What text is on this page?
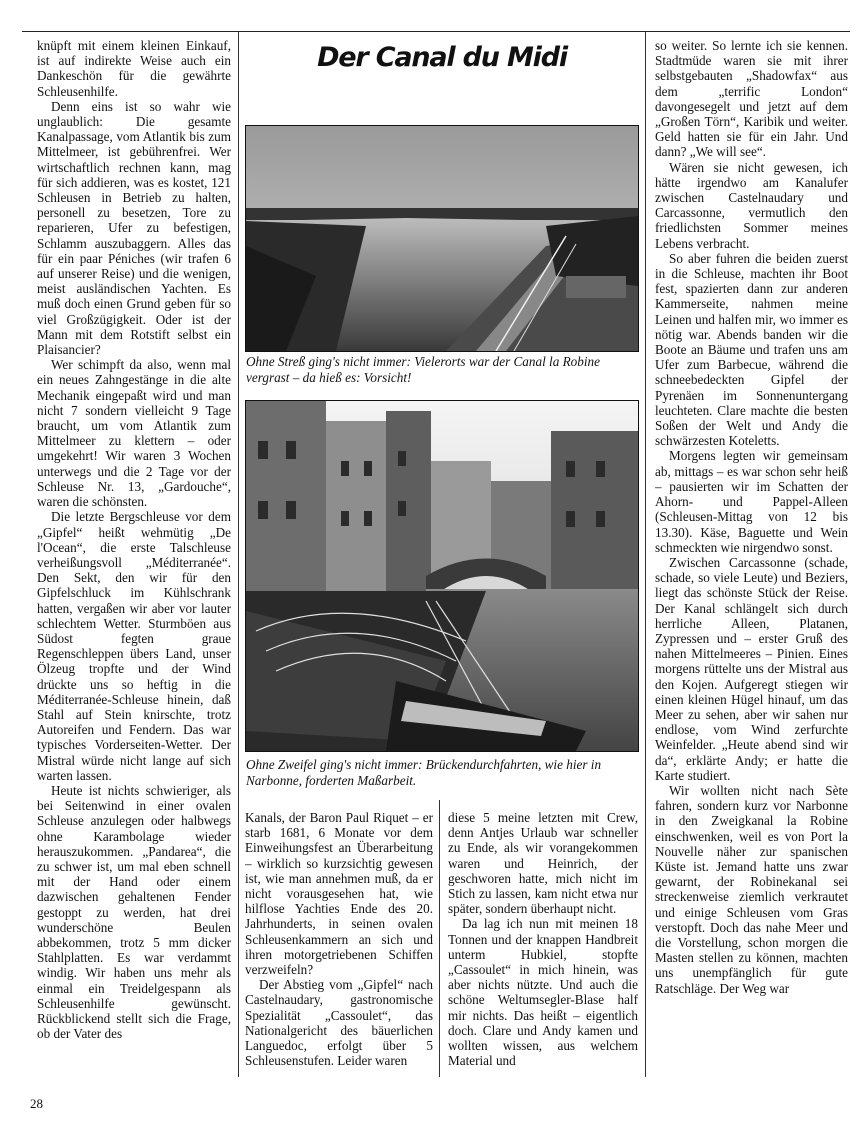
knüpft mit einem kleinen Einkauf, ist auf indirekte Weise auch ein Dankeschön für die gewährte Schleusenhilfe.

Denn eins ist so wahr wie unglaublich: Die gesamte Kanalpassage, vom Atlantik bis zum Mittelmeer, ist gebührenfrei. Wer wirtschaftlich rechnen kann, mag für sich addieren, was es kostet, 121 Schleusen in Betrieb zu halten, personell zu besetzen, Tore zu reparieren, Ufer zu befestigen, Schlamm auszubaggern. Alles das für ein paar Péniches (wir trafen 6 auf unserer Reise) und die wenigen, meist ausländischen Yachten. Es muß doch einen Grund geben für so viel Großzügigkeit. Oder ist der Mann mit dem Rotstift selbst ein Plaisancier?

Wer schimpft da also, wenn mal ein neues Zahngestänge in die alte Mechanik eingepaßt wird und man nicht 7 sondern vielleicht 9 Tage braucht, um vom Atlantik zum Mittelmeer zu klettern – oder umgekehrt! Wir waren 3 Wochen unterwegs und die 2 Tage vor der Schleuse Nr. 13, „Gardouche“, waren die schönsten.

Die letzte Bergschleuse vor dem „Gipfel“ heißt wehmütig „De l'Ocean“, die erste Talschleuse verheißungsvoll „Méditerranée“. Den Sekt, den wir für den Gipfelschluck im Kühlschrank hatten, vergaßen wir aber vor lauter schlechtem Wetter. Sturmböen aus Südost fegten graue Regenschleppen übers Land, unser Ölzeug tropfte und der Wind drückte uns so heftig in die Méditerranée-Schleuse hinein, daß Stahl auf Stein knirschte, trotz Autoreifen und Fendern. Das war typisches Vorderseiten-Wetter. Der Mistral würde nicht lange auf sich warten lassen.

Heute ist nichts schwieriger, als bei Seitenwind in einer ovalen Schleuse anzulegen oder halbwegs ohne Karambolage wieder herauszukommen. „Pandarea“, die zu schwer ist, um mal eben schnell mit der Hand oder einem dazwischen gehaltenen Fender gestoppt zu werden, hat drei wunderschöne Beulen abbekommen, trotz 5 mm dicker Stahlplatten. Es war verdammt windig. Wir haben uns mehr als einmal ein Treidelgespann als Schleusenhilfe gewünscht. Rückblickend stellt sich die Frage, ob der Vater des

Der Canal du Midi
Ohne Streß ging's nicht immer: Vielerorts war der Canal la Robine vergrast – da hieß es: Vorsicht!
Ohne Zweifel ging's nicht immer: Brückendurchfahrten, wie hier in Narbonne, forderten Maßarbeit.

Kanals, der Baron Paul Riquet – er starb 1681, 6 Monate vor dem Einweihungsfest an Überarbeitung – wirklich so kurzsichtig gewesen ist, wie man annehmen muß, da er nicht vorausgesehen hat, wie hilflose Yachties Ende des 20. Jahrhunderts, in seinen ovalen Schleusenkammern an sich und ihren motorgetriebenen Schiffen verzweifeln?

Der Abstieg vom „Gipfel“ nach Castelnaudary, gastronomische Spezialität „Cassoulet“, das Nationalgericht des bäuerlichen Languedoc, erfolgt über 5 Schleusenstufen. Leider waren

diese 5 meine letzten mit Crew, denn Antjes Urlaub war schneller zu Ende, als wir vorangekommen waren und Heinrich, der geschworen hatte, mich nicht im Stich zu lassen, kam nicht etwa nur später, sondern überhaupt nicht.

Da lag ich nun mit meinen 18 Tonnen und der knappen Handbreit unterm Hubkiel, stopfte „Cassoulet“ in mich hinein, was aber nichts nützte. Und auch die schöne Weltumsegler-Blase half mir nichts. Das heißt – eigentlich doch. Clare und Andy kamen und wollten wissen, aus welchem Material und

so weiter. So lernte ich sie kennen. Stadtmüde waren sie mit ihrer selbstgebauten „Shadowfax“ aus dem „terrific London“ davongesegelt und jetzt auf dem „Großen Törn“, Karibik und weiter. Geld hatten sie für ein Jahr. Und dann? „We will see“.

Wären sie nicht gewesen, ich hätte irgendwo am Kanalufer zwischen Castelnaudary und Carcassonne, vermutlich den friedlichsten Sommer meines Lebens verbracht.

So aber fuhren die beiden zuerst in die Schleuse, machten ihr Boot fest, spazierten dann zur anderen Kammerseite, nahmen meine Leinen und halfen mir, wo immer es nötig war. Abends banden wir die Boote an Bäume und trafen uns am Ufer zum Barbecue, während die schneebedeckten Gipfel der Pyrenäen im Sonnenuntergang leuchteten. Clare machte die besten Soßen der Welt und Andy die schwärzesten Koteletts.

Morgens legten wir gemeinsam ab, mittags – es war schon sehr heiß – pausierten wir im Schatten der Ahorn- und Pappel-Alleen (Schleusen-Mittag von 12 bis 13.30). Käse, Baguette und Wein schmeckten wie nirgendwo sonst.

Zwischen Carcassonne (schade, schade, so viele Leute) und Beziers, liegt das schönste Stück der Reise. Der Kanal schlängelt sich durch herrliche Alleen, Platanen, Zypressen und – erster Gruß des nahen Mittelmeeres – Pinien. Eines morgens rüttelte uns der Mistral aus den Kojen. Aufgeregt stiegen wir einen kleinen Hügel hinauf, um das Meer zu sehen, aber wir sahen nur endlose, vom Wind zerfurchte Weinfelder. „Heute abend sind wir da“, erklärte Andy; er hatte die Karte studiert.

Wir wollten nicht nach Sète fahren, sondern kurz vor Narbonne in den Zweigkanal la Robine einschwenken, weil es von Port la Nouvelle näher zur spanischen Küste ist. Jemand hatte uns zwar gewarnt, der Robinekanal sei streckenweise ziemlich verkrautet und einige Schleusen vom Gras verstopft. Doch das nahe Meer und die Vorstellung, schon morgen die Masten stellen zu können, machten uns unempfänglich für gute Ratschläge. Der Weg war

28
